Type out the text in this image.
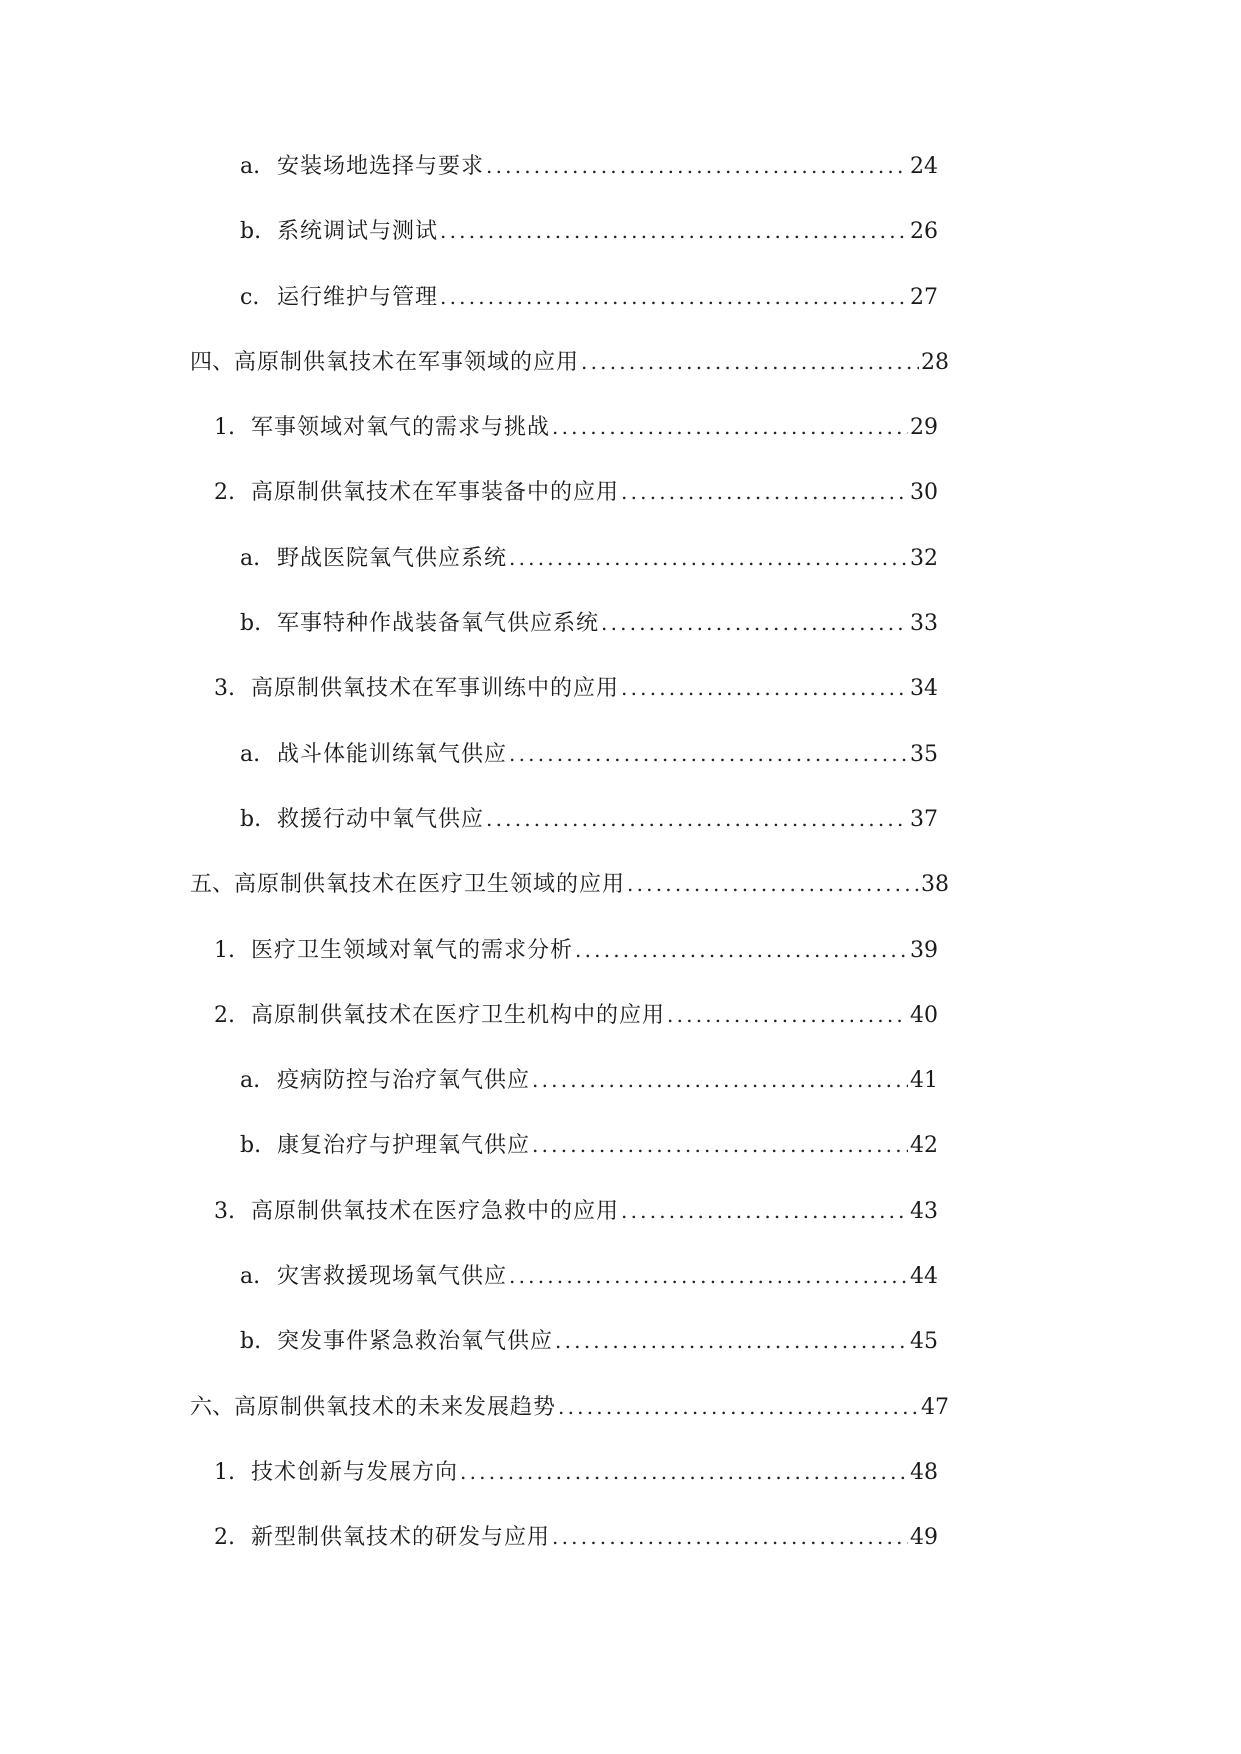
a. 安装场地选择与要求 .....	24
b. 系统调试与测试 .....	26
c. 运行维护与管理 .....	27
四、 高原制供氧技术在军事领域的应用 .....	28
1. 军事领域对氧气的需求与挑战 .....	29
2. 高原制供氧技术在军事装备中的应用 .....	30
a. 野战医院氧气供应系统 .....	32
b. 军事特种作战装备氧气供应系统 .....	33
3. 高原制供氧技术在军事训练中的应用 .....	34
a. 战斗体能训练氧气供应 .....	35
b. 救援行动中氧气供应 .....	37
五、 高原制供氧技术在医疗卫生领域的应用 .....	38
1. 医疗卫生领域对氧气的需求分析 .....	39
2. 高原制供氧技术在医疗卫生机构中的应用 .....	40
a. 疫病防控与治疗氧气供应 .....	41
b. 康复治疗与护理氧气供应 .....	42
3. 高原制供氧技术在医疗急救中的应用 .....	43
a. 灾害救援现场氧气供应 .....	44
b. 突发事件紧急救治氧气供应 .....	45
六、 高原制供氧技术的未来发展趋势 .....	47
1. 技术创新与发展方向 .....	48
2. 新型制供氧技术的研发与应用 .....	49
